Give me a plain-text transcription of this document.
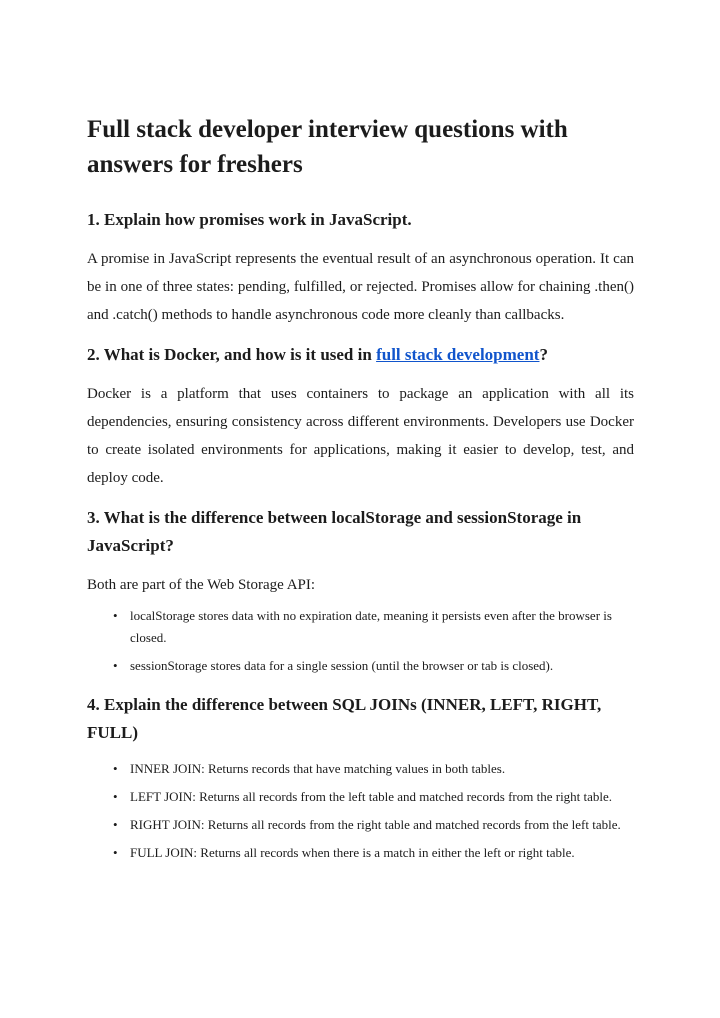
Full stack developer interview questions with answers for freshers
1. Explain how promises work in JavaScript.

A promise in JavaScript represents the eventual result of an asynchronous operation. It can be in one of three states: pending, fulfilled, or rejected. Promises allow for chaining .then() and .catch() methods to handle asynchronous code more cleanly than callbacks.

2. What is Docker, and how is it used in full stack development?

Docker is a platform that uses containers to package an application with all its dependencies, ensuring consistency across different environments. Developers use Docker to create isolated environments for applications, making it easier to develop, test, and deploy code.

3. What is the difference between localStorage and sessionStorage in JavaScript?

Both are part of the Web Storage API:

• localStorage stores data with no expiration date, meaning it persists even after the browser is closed.
• sessionStorage stores data for a single session (until the browser or tab is closed).
4. Explain the difference between SQL JOINs (INNER, LEFT, RIGHT, FULL)
• INNER JOIN: Returns records that have matching values in both tables.
• LEFT JOIN: Returns all records from the left table and matched records from the right table.
• RIGHT JOIN: Returns all records from the right table and matched records from the left table.
• FULL JOIN: Returns all records when there is a match in either the left or right table.
